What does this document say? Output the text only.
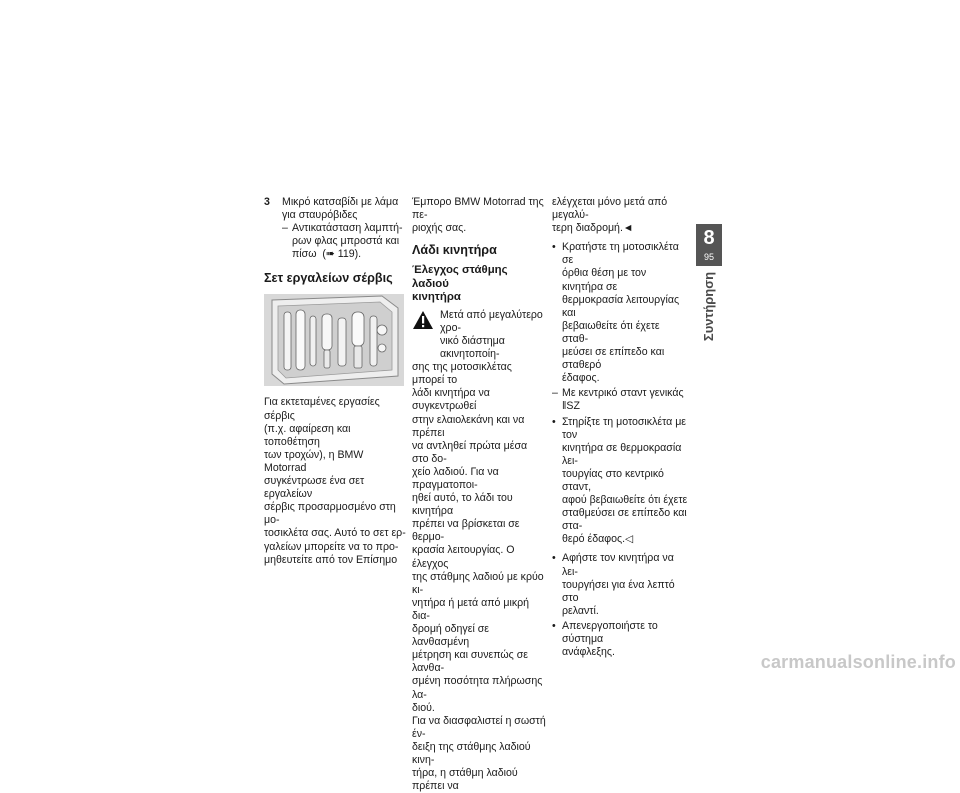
3	Μικρό κατσαβίδι με λάμα

για σταυρόβιδες

– Αντικατάσταση λαμπτή-

ρων φλας μπροστά και

πίσω (➠ 119).

Σετ εργαλείων σέρβις

Για εκτεταμένες εργασίες σέρβις

(π.χ. αφαίρεση και τοποθέτηση

των τροχών), η BMW Motorrad

συγκέντρωσε ένα σετ εργαλείων

σέρβις προσαρμοσμένο στη μο-

τοσικλέτα σας. Αυτό το σετ ερ-

γαλείων μπορείτε να το προ-

μηθευτείτε από τον Επίσημο

Έμπορο BMW Motorrad της πε-

ριοχής σας.

Λάδι κινητήρα

Έλεγχος στάθμης λαδιού

κινητήρα

Μετά από μεγαλύτερο χρο-

νικό διάστημα ακινητοποίη-

σης της μοτοσικλέτας μπορεί το

λάδι κινητήρα να συγκεντρωθεί

στην ελαιολεκάνη και να πρέπει

να αντληθεί πρώτα μέσα στο δο-

χείο λαδιού. Για να πραγματοποι-

ηθεί αυτό, το λάδι του κινητήρα

πρέπει να βρίσκεται σε θερμο-

κρασία λειτουργίας. Ο έλεγχος

της στάθμης λαδιού με κρύο κι-

νητήρα ή μετά από μικρή δια-

δρομή οδηγεί σε λανθασμένη

μέτρηση και συνεπώς σε λανθα-

σμένη ποσότητα πλήρωσης λα-

διού.

Για να διασφαλιστεί η σωστή έν-

δειξη της στάθμης λαδιού κινη-

τήρα, η στάθμη λαδιού πρέπει να

ελέγχεται μόνο μετά από μεγαλύ-

τερη διαδρομή.◄

• Κρατήστε τη μοτοσικλέτα σε

όρθια θέση με τον κινητήρα σε

θερμοκρασία λειτουργίας και

βεβαιωθείτε ότι έχετε σταθ-

μεύσει σε επίπεδο και σταθερό

έδαφος.

– Με κεντρικό σταντ γενικάς ǁSZ
• Στηρίξτε τη μοτοσικλέτα με τον

κινητήρα σε θερμοκρασία λει-

τουργίας στο κεντρικό σταντ,

αφού βεβαιωθείτε ότι έχετε

σταθμεύσει σε επίπεδο και στα-

θερό έδαφος.◁

• Αφήστε τον κινητήρα να λει-

τουργήσει για ένα λεπτό στο

ρελαντί.

• Απενεργοποιήστε το σύστημα

ανάφλεξης.

8
95
Συντήρηση
carmanualsonline.info
